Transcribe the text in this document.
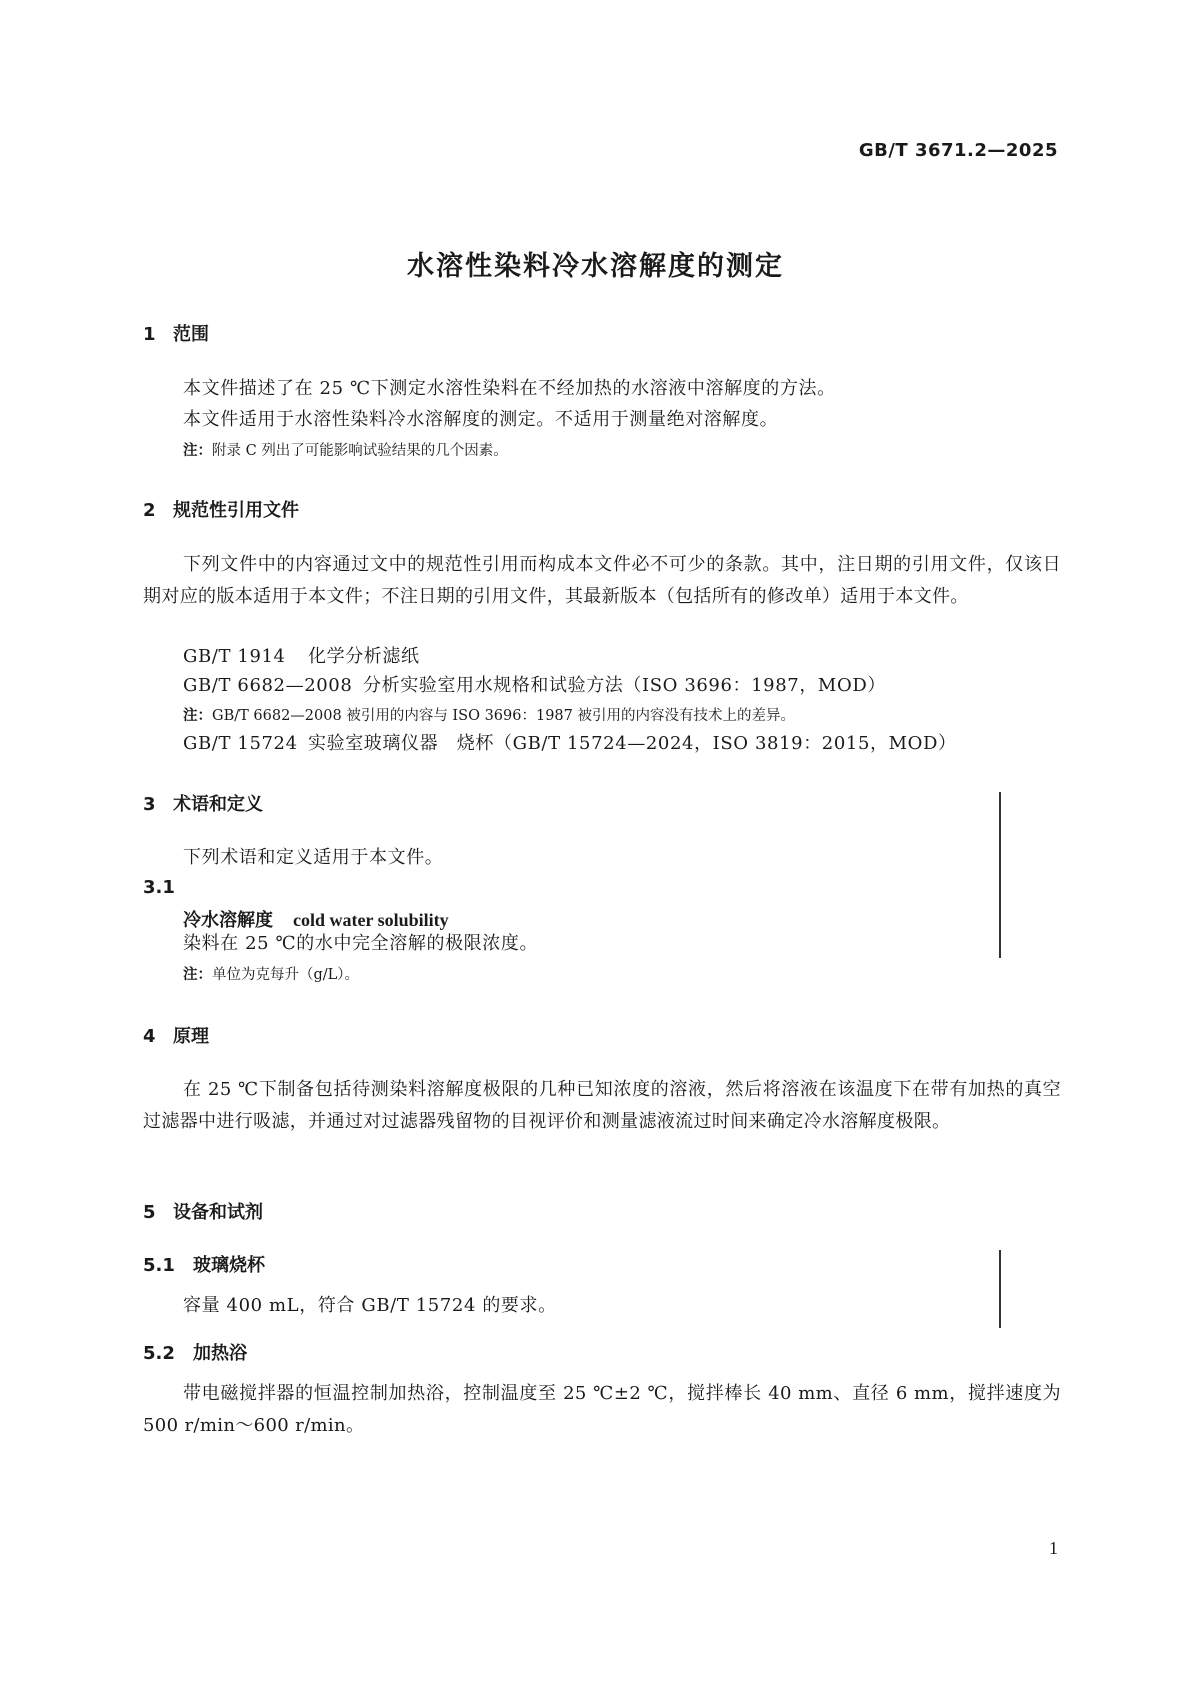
GB/T 3671.2—2025
水溶性染料冷水溶解度的测定
1 范围
本文件描述了在 25 ℃下测定水溶性染料在不经加热的水溶液中溶解度的方法。
本文件适用于水溶性染料冷水溶解度的测定。不适用于测量绝对溶解度。
注：附录 C 列出了可能影响试验结果的几个因素。
2 规范性引用文件
下列文件中的内容通过文中的规范性引用而构成本文件必不可少的条款。其中，注日期的引用文件，仅该日期对应的版本适用于本文件；不注日期的引用文件，其最新版本（包括所有的修改单）适用于本文件。
GB/T 1914 化学分析滤纸
GB/T 6682—2008 分析实验室用水规格和试验方法（ISO 3696：1987，MOD）
注：GB/T 6682—2008 被引用的内容与 ISO 3696：1987 被引用的内容没有技术上的差异。
GB/T 15724 实验室玻璃仪器　烧杯（GB/T 15724—2024，ISO 3819：2015，MOD）
3 术语和定义
下列术语和定义适用于本文件。
3.1
冷水溶解度 cold water solubility
染料在 25 ℃的水中完全溶解的极限浓度。
注：单位为克每升（g/L）。
4 原理
在 25 ℃下制备包括待测染料溶解度极限的几种已知浓度的溶液，然后将溶液在该温度下在带有加热的真空过滤器中进行吸滤，并通过对过滤器残留物的目视评价和测量滤液流过时间来确定冷水溶解度极限。
5 设备和试剂
5.1 玻璃烧杯
容量 400 mL，符合 GB/T 15724 的要求。
5.2 加热浴
带电磁搅拌器的恒温控制加热浴，控制温度至 25 ℃±2 ℃，搅拌棒长 40 mm、直径 6 mm，搅拌速度为 500 r/min～600 r/min。
1
